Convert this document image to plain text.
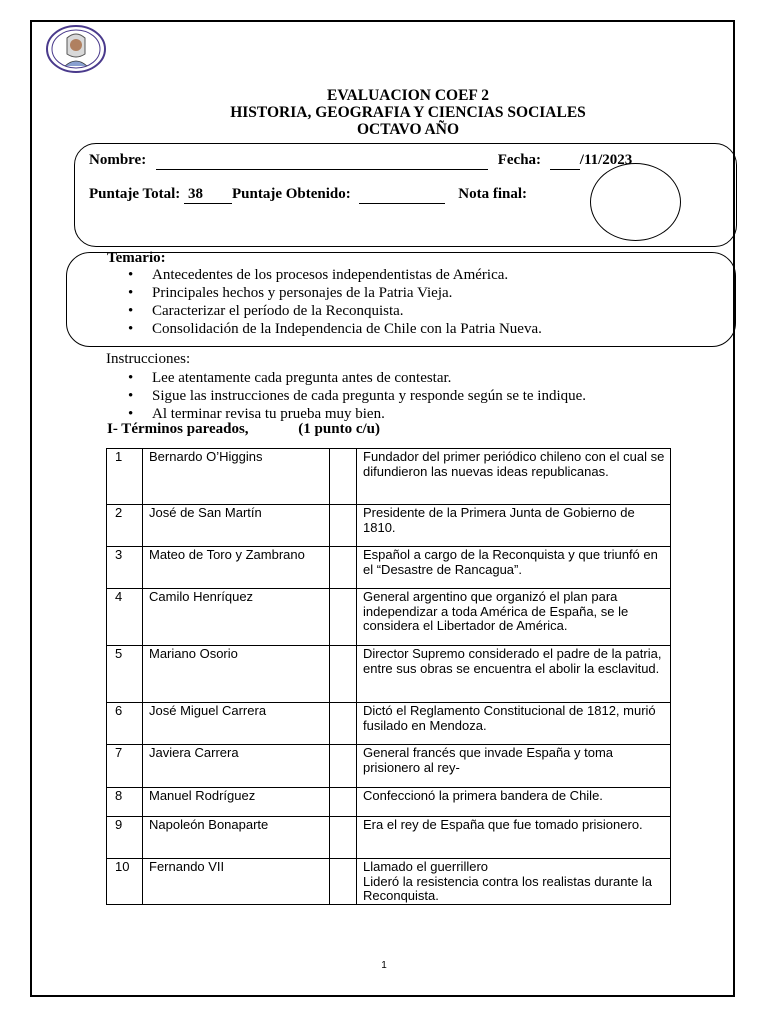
EVALUACION COEF 2
HISTORIA, GEOGRAFIA Y CIENCIAS SOCIALES
OCTAVO AÑO
Nombre:	Fecha:	/11/2023
Puntaje Total: 38 Puntaje Obtenido:	Nota final:
Temario:
• Antecedentes de los procesos independentistas de América.
• Principales hechos y personajes de la Patria Vieja.
• Caracterizar el período de la Reconquista.
• Consolidación de la Independencia de Chile con la Patria Nueva.
Instrucciones:
• Lee atentamente cada pregunta antes de contestar.
• Sigue las instrucciones de cada pregunta y responde según se te indique.
• Al terminar revisa tu prueba muy bien.
I- Términos pareados,	(1 punto c/u)
1	Bernardo O’Higgins		Fundador del primer periódico chileno con el cual se difundieron las nuevas ideas republicanas.
2	José de San Martín		Presidente de la Primera Junta de Gobierno de 1810.
3	Mateo de Toro y Zambrano		Español a cargo de la Reconquista y que triunfó en el “Desastre de Rancagua”.
4	Camilo Henríquez		General argentino que organizó el plan para independizar a toda América de España, se le considera el Libertador de América.
5	Mariano Osorio		Director Supremo considerado el padre de la patria, entre sus obras se encuentra el abolir la esclavitud.
6	José Miguel Carrera		Dictó el Reglamento Constitucional de 1812, murió fusilado en Mendoza.
7	Javiera Carrera		General francés que invade España y toma prisionero al rey-
8	Manuel Rodríguez		Confeccionó la primera bandera de Chile.
9	Napoleón Bonaparte		Era el rey de España que fue tomado prisionero.
10	Fernando VII		Llamado el guerrillero
Lideró la resistencia contra los realistas durante la Reconquista.
1
